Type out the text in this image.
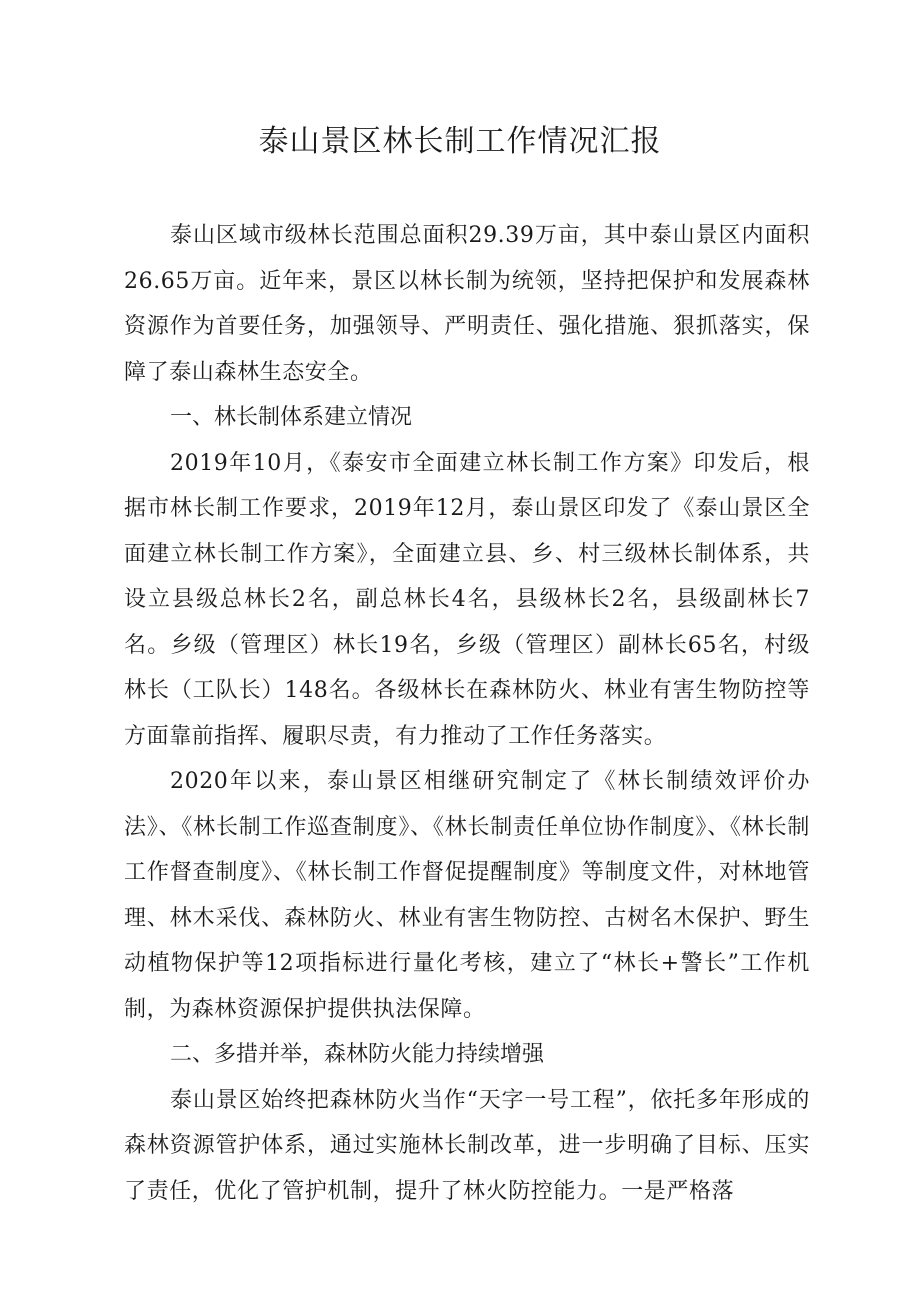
泰山景区林长制工作情况汇报

泰山区域市级林长范围总面积29.39万亩，其中泰山景区内面积26.65万亩。近年来，景区以林长制为统领，坚持把保护和发展森林资源作为首要任务，加强领导、严明责任、强化措施、狠抓落实，保障了泰山森林生态安全。

一、林长制体系建立情况

2019年10月，《泰安市全面建立林长制工作方案》印发后，根据市林长制工作要求，2019年12月，泰山景区印发了《泰山景区全面建立林长制工作方案》，全面建立县、乡、村三级林长制体系，共设立县级总林长2名，副总林长4名，县级林长2名，县级副林长7名。乡级（管理区）林长19名，乡级（管理区）副林长65名，村级林长（工队长）148名。各级林长在森林防火、林业有害生物防控等方面靠前指挥、履职尽责，有力推动了工作任务落实。

2020年以来，泰山景区相继研究制定了《林长制绩效评价办法》、《林长制工作巡查制度》、《林长制责任单位协作制度》、《林长制工作督查制度》、《林长制工作督促提醒制度》等制度文件，对林地管理、林木采伐、森林防火、林业有害生物防控、古树名木保护、野生动植物保护等12项指标进行量化考核，建立了“林长+警长”工作机制，为森林资源保护提供执法保障。

二、多措并举，森林防火能力持续增强

泰山景区始终把森林防火当作“天字一号工程”，依托多年形成的森林资源管护体系，通过实施林长制改革，进一步明确了目标、压实了责任，优化了管护机制，提升了林火防控能力。一是严格落
